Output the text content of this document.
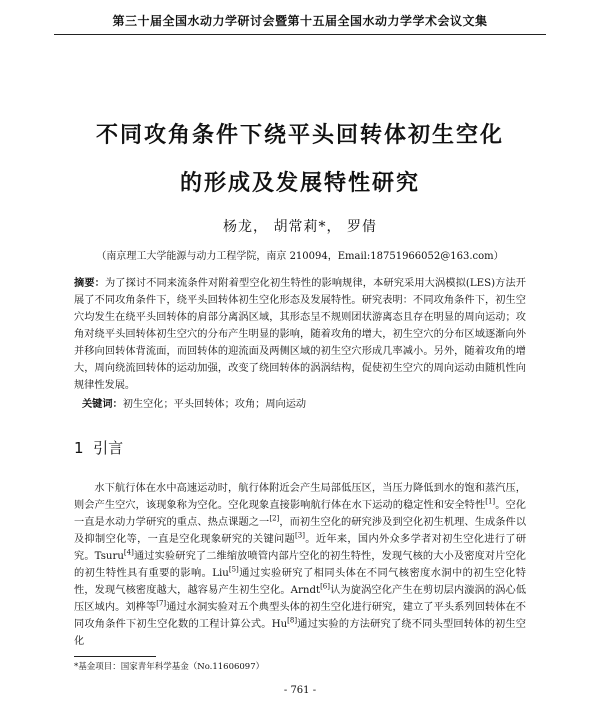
第三十届全国水动力学研讨会暨第十五届全国水动力学学术会议文集
不同攻角条件下绕平头回转体初生空化
的形成及发展特性研究
杨龙， 胡常莉*， 罗倩
（南京理工大学能源与动力工程学院，南京 210094，Email:18751966052@163.com）
摘要：为了探讨不同来流条件对附着型空化初生特性的影响规律，本研究采用大涡模拟(LES)方法开展了不同攻角条件下，绕平头回转体初生空化形态及发展特性。研究表明：不同攻角条件下，初生空穴均发生在绕平头回转体的肩部分离涡区域，其形态呈不规则团状游离态且存在明显的周向运动；攻角对绕平头回转体初生空穴的分布产生明显的影响，随着攻角的增大，初生空穴的分布区域逐渐向外并移向回转体背流面，而回转体的迎流面及两侧区域的初生空穴形成几率减小。另外，随着攻角的增大，周向绕流回转体的运动加强，改变了绕回转体的涡涡结构，促使初生空穴的周向运动由随机性向规律性发展。
关键词：初生空化；平头回转体；攻角；周向运动
1 引言
水下航行体在水中高速运动时，航行体附近会产生局部低压区，当压力降低到水的饱和蒸汽压，则会产生空穴，该现象称为空化。空化现象直接影响航行体在水下运动的稳定性和安全特性[1]。空化一直是水动力学研究的重点、热点课题之一[2]，而初生空化的研究涉及到空化初生机理、生成条件以及抑制空化等，一直是空化现象研究的关键问题[3]。近年来，国内外众多学者对初生空化进行了研究。Tsuru[4]通过实验研究了二维缩放喷管内部片空化的初生特性，发现气核的大小及密度对片空化的初生特性具有重要的影响。Liu[5]通过实验研究了相同头体在不同气核密度水洞中的初生空化特性，发现气核密度越大，越容易产生初生空化。Arndt[6]认为旋涡空化产生在剪切层内漩涡的涡心低压区域内。刘桦等[7]通过水洞实验对五个典型头体的初生空化进行研究，建立了平头系列回转体在不同攻角条件下初生空化数的工程计算公式。Hu[8]通过实验的方法研究了绕不同头型回转体的初生空化
*基金项目：国家青年科学基金（No.11606097）
- 761 -
